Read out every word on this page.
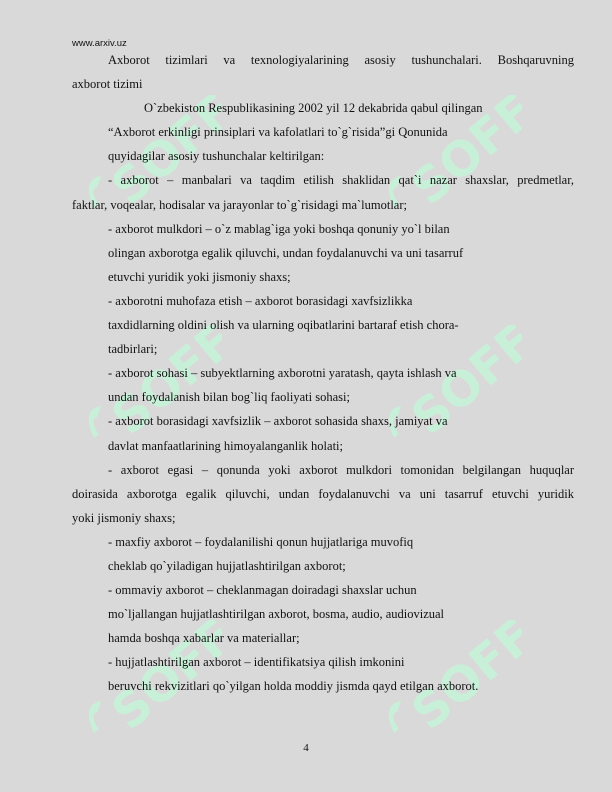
SOFF	SOFF
SOFF	SOFF
SOFF	SOFF
www.arxiv.uz
Axborot tizimlari va texnologiyalarining asosiy tushunchalari. Boshqaruvning
axborot tizimi
O`zbekiston Respublikasining 2002 yil 12 dekabrida qabul qilingan
“Axborot erkinligi prinsiplari va kafolatlari to`g`risida”gi Qonunida
quyidagilar asosiy tushunchalar keltirilgan:
- axborot – manbalari va taqdim etilish shaklidan qat`i nazar shaxslar, predmetlar,
faktlar, voqealar, hodisalar va jarayonlar to`g`risidagi ma`lumotlar;
- axborot mulkdori – o`z mablag`iga yoki boshqa qonuniy yo`l bilan
olingan axborotga egalik qiluvchi, undan foydalanuvchi va uni tasarruf
etuvchi yuridik yoki jismoniy shaxs;
- axborotni muhofaza etish – axborot borasidagi xavfsizlikka
taxdidlarning oldini olish va ularning oqibatlarini bartaraf etish chora-
tadbirlari;
- axborot sohasi – subyektlarning axborotni yaratash, qayta ishlash va
undan foydalanish bilan bog`liq faoliyati sohasi;
- axborot borasidagi xavfsizlik – axborot sohasida shaxs, jamiyat va
davlat manfaatlarining himoyalanganlik holati;
- axborot egasi – qonunda yoki axborot mulkdori tomonidan belgilangan huquqlar
doirasida axborotga egalik qiluvchi, undan foydalanuvchi va uni tasarruf etuvchi yuridik
yoki jismoniy shaxs;
- maxfiy axborot – foydalanilishi qonun hujjatlariga muvofiq
cheklab qo`yiladigan hujjatlashtirilgan axborot;
- ommaviy axborot – cheklanmagan doiradagi shaxslar uchun
mo`ljallangan hujjatlashtirilgan axborot, bosma, audio, audiovizual
hamda boshqa xabarlar va materiallar;
- hujjatlashtirilgan axborot – identifikatsiya qilish imkonini
beruvchi rekvizitlari qo`yilgan holda moddiy jismda qayd etilgan axborot.
4
